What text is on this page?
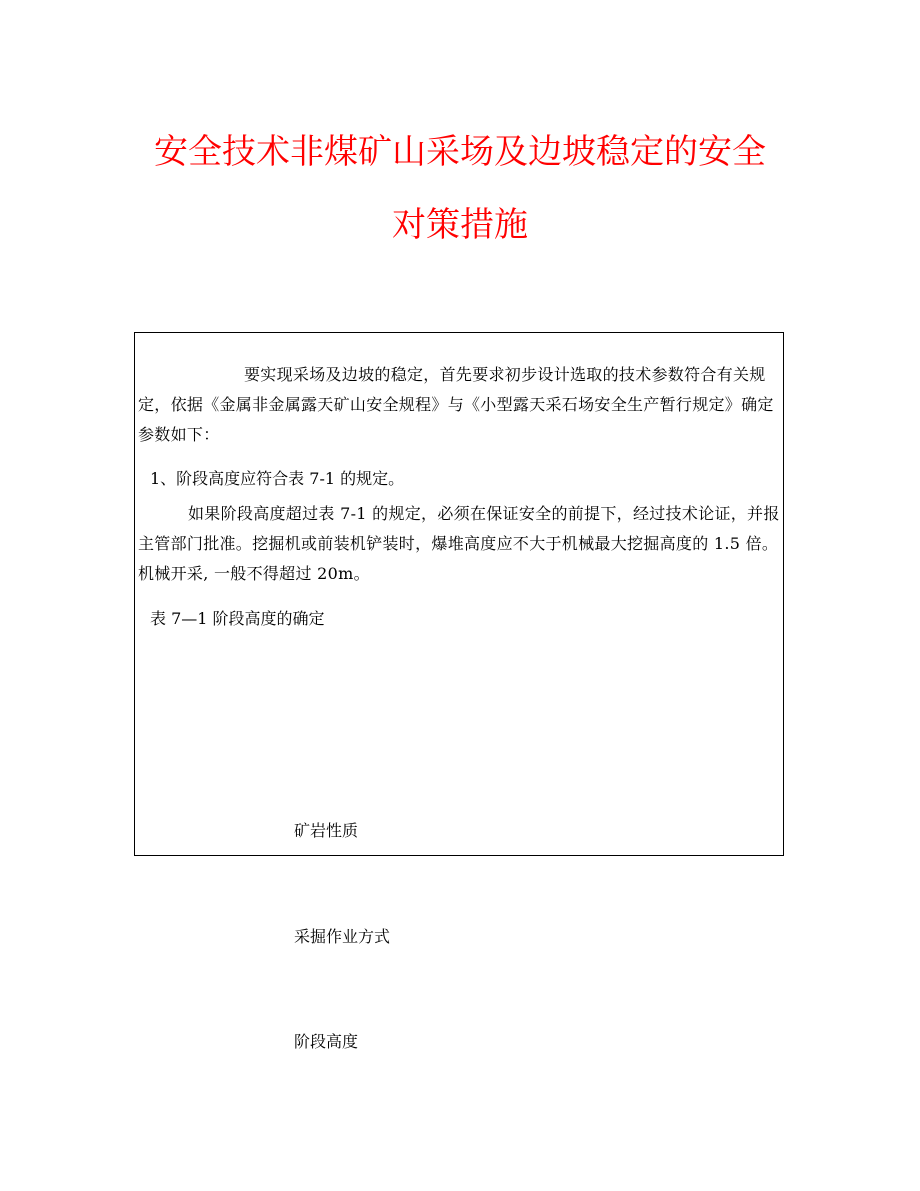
安全技术非煤矿山采场及边坡稳定的安全
对策措施

要实现采场及边坡的稳定，首先要求初步设计选取的技术参数符合有关规定，依据《金属非金属露天矿山安全规程》与《小型露天采石场安全生产暂行规定》确定参数如下：

1、阶段高度应符合表 7-1 的规定。

如果阶段高度超过表 7-1 的规定，必须在保证安全的前提下，经过技术论证，并报主管部门批准。挖掘机或前装机铲装时，爆堆高度应不大于机械最大挖掘高度的 1.5 倍。机械开采, 一般不得超过 20m。

表 7—1 阶段高度的确定

矿岩性质

采掘作业方式

阶段高度
